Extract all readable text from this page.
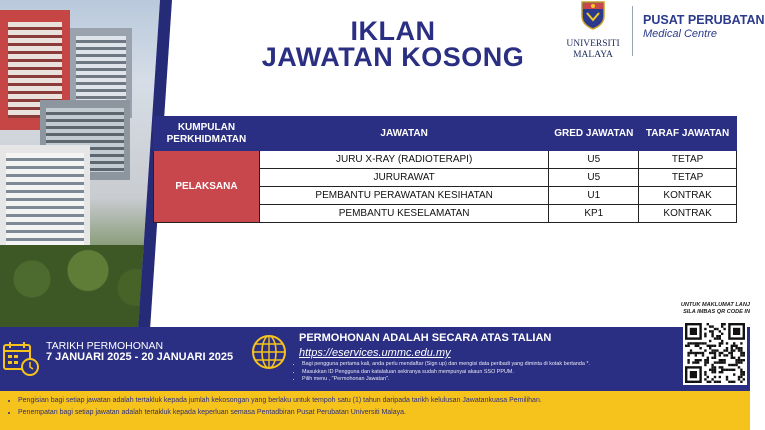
IKLAN
JAWATAN KOSONG	UNIVERSITI
MALAYA
PUSAT PERUBATAN
Medical Centre
KUMPULAN
PERKHIDMATAN	JAWATAN	GRED JAWATAN	TARAF JAWATAN
PELAKSANA	JURU X-RAY (RADIOTERAPI)	U5	TETAP
	JURURAWAT	U5	TETAP
	PEMBANTU PERAWATAN KESIHATAN	U1	KONTRAK
	PEMBANTU KESELAMATAN	KP1	KONTRAK
UNTUK MAKLUMAT LANJ
SILA IMBAS QR CODE IN
TARIKH PERMOHONAN
7 JANUARI 2025 - 20 JANUARI 2025
PERMOHONAN ADALAH SECARA ATAS TALIAN
https://eservices.ummc.edu.my
• Bagi pengguna pertama kali, anda perlu mendaftar (Sign up) dan mengisi data peribadi yang diminta di kotak bertanda *.
• Masukkan ID Pengguna dan katalaluan sekiranya sudah mempunyai akaun SSO PPUM.
• Pilih menu , "Permohonan Jawatan".
• Pengisian bagi setiap jawatan adalah tertakluk kepada jumlah kekosongan yang berlaku untuk tempoh satu (1) tahun daripada tarikh kelulusan Jawatankuasa Pemilihan.
• Penempatan bagi setiap jawatan adalah tertakluk kepada keperluan semasa Pentadbiran Pusat Perubatan Universiti Malaya.
